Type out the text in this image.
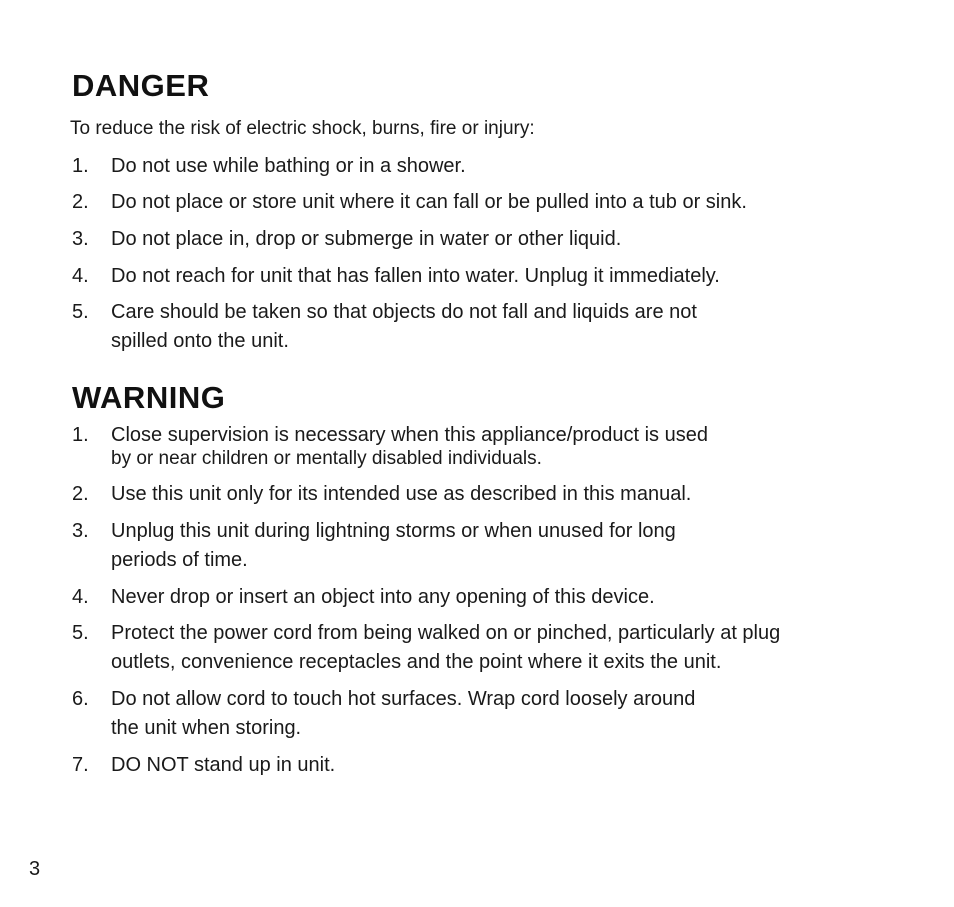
DANGER

To reduce the risk of electric shock, burns, fire or injury:

1.	Do not use while bathing or in a shower.
2.	Do not place or store unit where it can fall or be pulled into a tub or sink.
3.	Do not place in, drop or submerge in water or other liquid.
4.	Do not reach for unit that has fallen into water. Unplug it immediately.
5.	Care should be taken so that objects do not fall and liquids are not
spilled onto the unit.
WARNING
1.	Close supervision is necessary when this appliance/product is used
by or near children or mentally disabled individuals.
2.	Use this unit only for its intended use as described in this manual.
3.	Unplug this unit during lightning storms or when unused for long
periods of time.
4.	Never drop or insert an object into any opening of this device.
5.	Protect the power cord from being walked on or pinched, particularly at plug
outlets, convenience receptacles and the point where it exits the unit.
6.	Do not allow cord to touch hot surfaces. Wrap cord loosely around
the unit when storing.
7.	DO NOT stand up in unit.
3
